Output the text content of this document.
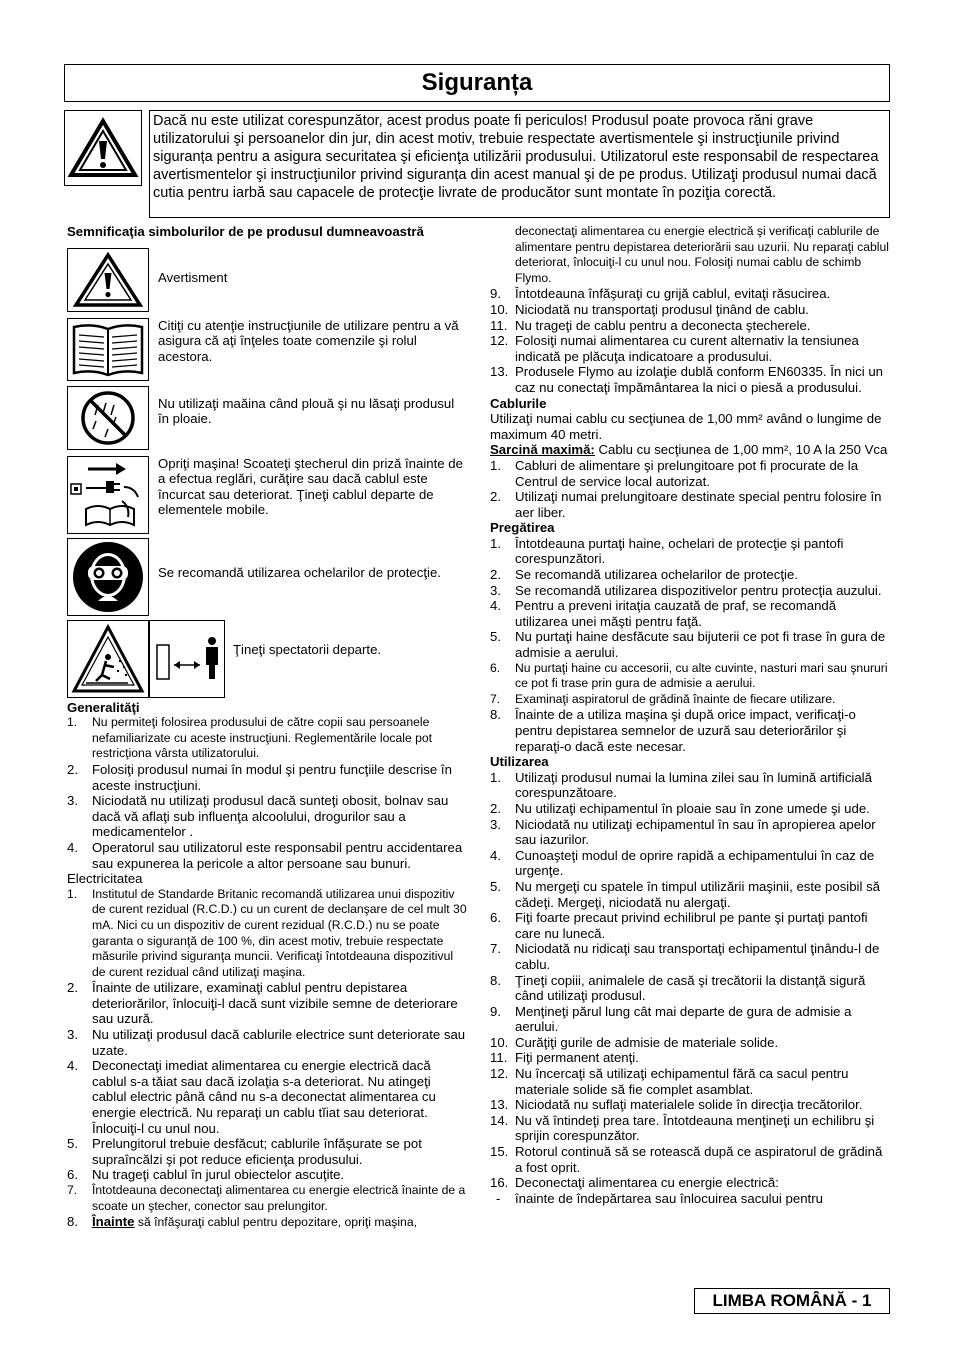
Siguranța
Dacă nu este utilizat corespunzător, acest produs poate fi periculos! Produsul poate provoca răni grave utilizatorului şi persoanelor din jur, din acest motiv, trebuie respectate avertismentele şi instrucţiunile privind siguranța pentru a asigura securitatea şi eficienţa utilizării produsului. Utilizatorul este responsabil de respectarea avertismentelor şi instrucţiunilor privind siguranța din acest manual şi de pe produs. Utilizaţi produsul numai dacă cutia pentru iarbă sau capacele de protecţie livrate de producător sunt montate în poziţia corectă.
Semnificaţia simbolurilor de pe produsul dumneavoastră
Avertisment
Citiţi cu atenţie instrucţiunile de utilizare pentru a vă asigura că aţi înţeles toate comenzile şi rolul acestora.
Nu utilizaţi maăina când plouă şi nu lăsaţi produsul în ploaie.
Opriţi maşina! Scoateţi ştecherul din priză înainte de a efectua reglări, curăţire sau dacă cablul este încurcat sau deteriorat. Ţineţi cablul departe de elementele mobile.
Se recomandă utilizarea ochelarilor de protecţie.
Ţineţi spectatorii departe.
Generalităţi
1. Nu permiteţi folosirea produsului de către copii sau persoanele nefamiliarizate cu aceste instrucţiuni. Reglementările locale pot restricţiona vârsta utilizatorului.
2. Folosiţi produsul numai în modul şi pentru funcţiile descrise în aceste instrucţiuni.
3. Niciodată nu utilizaţi produsul dacă sunteţi obosit, bolnav sau dacă vă aflaţi sub influenţa alcoolului, drogurilor sau a medicamentelor .
4. Operatorul sau utilizatorul este responsabil pentru accidentarea sau expunerea la pericole a altor persoane sau bunuri.
Electricitatea
1. Institutul de Standarde Britanic recomandă utilizarea unui dispozitiv de curent rezidual (R.C.D.) cu un curent de declanşare de cel mult 30 mA. Nici cu un dispozitiv de curent rezidual (R.C.D.) nu se poate garanta o siguranţă de 100 %, din acest motiv, trebuie respectate măsurile privind siguranţa muncii. Verificaţi întotdeauna dispozitivul de curent rezidual când utilizaţi maşina.
2. Înainte de utilizare, examinaţi cablul pentru depistarea deteriorărilor, înlocuiţi-l dacă sunt vizibile semne de deteriorare sau uzură.
3. Nu utilizaţi produsul dacă cablurile electrice sunt deteriorate sau uzate.
4. Deconectaţi imediat alimentarea cu energie electrică dacă cablul s-a tăiat sau dacă izolaţia s-a deteriorat. Nu atingeţi cablul electric până când nu s-a deconectat alimentarea cu energie electrică. Nu reparaţi un cablu tĭiat sau deteriorat. Înlocuiţi-l cu unul nou.
5. Prelungitorul trebuie desfăcut; cablurile înfăşurate se pot supraîncălzi şi pot reduce eficienţa produsului.
6. Nu trageţi cablul în jurul obiectelor ascuţite.
7. Întotdeauna deconectaţi alimentarea cu energie electrică înainte de a scoate un ştecher, conector sau prelungitor.
8. Înainte să înfăşuraţi cablul pentru depozitare, opriţi maşina,
deconectaţi alimentarea cu energie electrică şi verificaţi cablurile de alimentare pentru depistarea deteriorării sau uzurii. Nu reparaţi cablul deteriorat, înlocuiţi-l cu unul nou. Folosiţi numai cablu de schimb Flymo.
9. Întotdeauna înfăşuraţi cu grijă cablul, evitaţi răsucirea.
10. Niciodată nu transportaţi produsul ţinând de cablu.
11. Nu trageţi de cablu pentru a deconecta ştecherele.
12. Folosiţi numai alimentarea cu curent alternativ la tensiunea indicată pe plăcuţa indicatoare a produsului.
13. Produsele Flymo au izolaţie dublă conform EN60335. În nici un caz nu conectaţi împământarea la nici o piesă a produsului.
Cablurile
Utilizaţi numai cablu cu secţiunea de 1,00 mm² având o lungime de maximum 40 metri.
Sarcină maximă: Cablu cu secţiunea de 1,00 mm², 10 A la 250 Vca
1. Cabluri de alimentare şi prelungitoare pot fi procurate de la Centrul de service local autorizat.
2. Utilizaţi numai prelungitoare destinate special pentru folosire în aer liber.
Pregătirea
1. Întotdeauna purtaţi haine, ochelari de protecţie şi pantofi corespunzători.
2. Se recomandă utilizarea ochelarilor de protecţie.
3. Se recomandă utilizarea dispozitivelor pentru protecţia auzului.
4. Pentru a preveni iritaţia cauzată de praf, se recomandă utilizarea unei măşti pentru faţă.
5. Nu purtaţi haine desfăcute sau bijuterii ce pot fi trase în gura de admisie a aerului.
6. Nu purtaţi haine cu accesorii, cu alte cuvinte, nasturi mari sau şnururi ce pot fi trase prin gura de admisie a aerului.
7. Examinaţi aspiratorul de grădină înainte de fiecare utilizare.
8. Înainte de a utiliza maşina şi după orice impact, verificaţi-o pentru depistarea semnelor de uzură sau deteriorărilor şi reparaţi-o dacă este necesar.
Utilizarea
1. Utilizaţi produsul numai la lumina zilei sau în lumină artificială corespunzătoare.
2. Nu utilizaţi echipamentul în ploaie sau în zone umede şi ude.
3. Niciodată nu utilizaţi echipamentul în sau în apropierea apelor sau iazurilor.
4. Cunoaşteţi modul de oprire rapidă a echipamentului în caz de urgenţe.
5. Nu mergeţi cu spatele în timpul utilizării maşinii, este posibil să cădeţi. Mergeţi, niciodată nu alergaţi.
6. Fiţi foarte precaut privind echilibrul pe pante şi purtaţi pantofi care nu lunecă.
7. Niciodată nu ridicaţi sau transportaţi echipamentul ţinându-l de cablu.
8. Ţineţi copiii, animalele de casă şi trecătorii la distanţă sigură când utilizaţi produsul.
9. Menţineţi părul lung cât mai departe de gura de admisie a aerului.
10. Curăţiţi gurile de admisie de materiale solide.
11. Fiţi permanent atenţi.
12. Nu încercaţi să utilizaţi echipamentul fără ca sacul pentru materiale solide să fie complet asamblat.
13. Niciodată nu suflaţi materialele solide în direcţia trecătorilor.
14. Nu vă întindeţi prea tare. Întotdeauna menţineţi un echilibru şi sprijin corespunzător.
15. Rotorul continuă să se rotească după ce aspiratorul de grădină a fost oprit.
16. Deconectaţi alimentarea cu energie electrică:
- înainte de îndepărtarea sau înlocuirea sacului pentru
LIMBA ROMÂNĂ - 1
